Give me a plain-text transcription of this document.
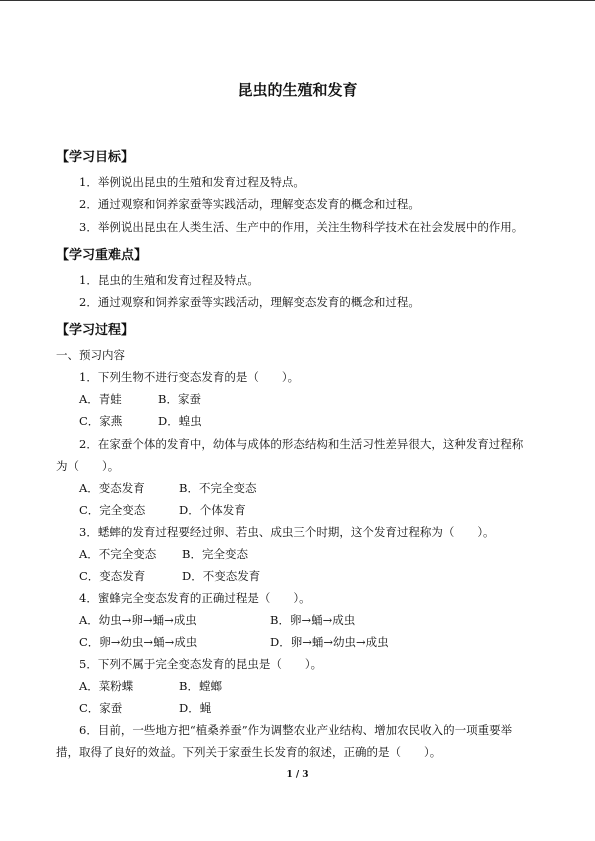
昆虫的生殖和发育
【学习目标】
1．举例说出昆虫的生殖和发育过程及特点。
2．通过观察和饲养家蚕等实践活动，理解变态发育的概念和过程。
3．举例说出昆虫在人类生活、生产中的作用，关注生物科学技术在社会发展中的作用。
【学习重难点】
1．昆虫的生殖和发育过程及特点。
2．通过观察和饲养家蚕等实践活动，理解变态发育的概念和过程。
【学习过程】
一、预习内容
1．下列生物不进行变态发育的是（　　）。
A．青蛙	B．家蚕
C．家燕	D．蝗虫
2．在家蚕个体的发育中，幼体与成体的形态结构和生活习性差异很大，这种发育过程称
为（　　）。
A．变态发育	B．不完全变态
C．完全变态	D．个体发育
3．蟋蟀的发育过程要经过卵、若虫、成虫三个时期，这个发育过程称为（　　）。
A．不完全变态 B．完全变态
C．变态发育	D．不变态发育
4．蜜蜂完全变态发育的正确过程是（　　）。
A．幼虫→卵→蛹→成虫	B．卵→蛹→成虫
C．卵→幼虫→蛹→成虫	D．卵→蛹→幼虫→成虫
5．下列不属于完全变态发育的昆虫是（　　）。
A．菜粉蝶	B．螳螂
C．家蚕	D．蝇
6．目前，一些地方把“植桑养蚕”作为调整农业产业结构、增加农民收入的一项重要举
措，取得了良好的效益。下列关于家蚕生长发育的叙述，正确的是（　　）。
1 / 3
